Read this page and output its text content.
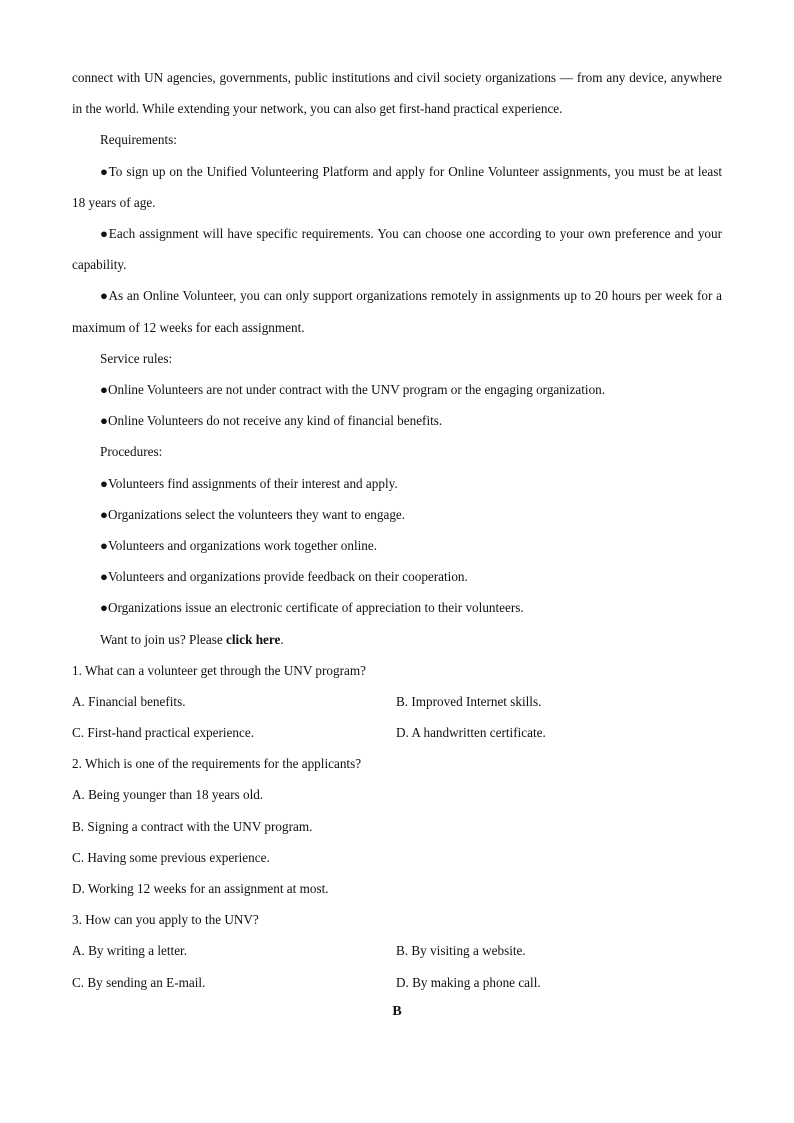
connect with UN agencies, governments, public institutions and civil society organizations — from any device, anywhere in the world. While extending your network, you can also get first-hand practical experience.

Requirements:

●To sign up on the Unified Volunteering Platform and apply for Online Volunteer assignments, you must be at least 18 years of age.

●Each assignment will have specific requirements. You can choose one according to your own preference and your capability.

●As an Online Volunteer, you can only support organizations remotely in assignments up to 20 hours per week for a maximum of 12 weeks for each assignment.

Service rules:

●Online Volunteers are not under contract with the UNV program or the engaging organization.

●Online Volunteers do not receive any kind of financial benefits.

Procedures:

●Volunteers find assignments of their interest and apply.

●Organizations select the volunteers they want to engage.

●Volunteers and organizations work together online.

●Volunteers and organizations provide feedback on their cooperation.

●Organizations issue an electronic certificate of appreciation to their volunteers.

Want to join us? Please click here.

1. What can a volunteer get through the UNV program?

A. Financial benefits.	B. Improved Internet skills.
C. First-hand practical experience.	D. A handwritten certificate.

2. Which is one of the requirements for the applicants?

A. Being younger than 18 years old.

B. Signing a contract with the UNV program.

C. Having some previous experience.

D. Working 12 weeks for an assignment at most.

3. How can you apply to the UNV?

A. By writing a letter.	B. By visiting a website.
C. By sending an E-mail.	D. By making a phone call.

B
